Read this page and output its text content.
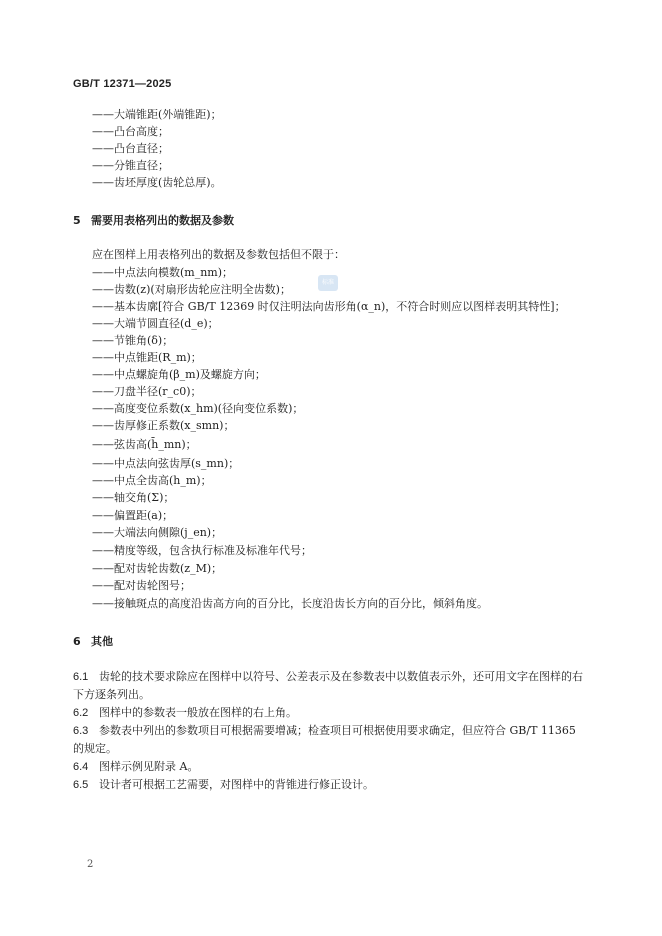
GB/T 12371—2025
——大端锥距(外端锥距)；
——凸台高度；
——凸台直径；
——分锥直径；
——齿坯厚度(齿轮总厚)。
5 需要用表格列出的数据及参数
应在图样上用表格列出的数据及参数包括但不限于：
标准
——中点法向模数(m_nm)；
——齿数(z)(对扇形齿轮应注明全齿数)；
——基本齿廓[符合 GB/T 12369 时仅注明法向齿形角(α_n)，不符合时则应以图样表明其特性]；
——大端节圆直径(d_e)；
——节锥角(δ)；
——中点锥距(R_m)；
——中点螺旋角(β_m)及螺旋方向；
——刀盘半径(r_c0)；
——高度变位系数(x_hm)(径向变位系数)；
——齿厚修正系数(x_smn)；
——弦齿高(h̄_mn)；
——中点法向弦齿厚(s_mn)；
——中点全齿高(h_m)；
——轴交角(Σ)；
——偏置距(a)；
——大端法向侧隙(j_en)；
——精度等级，包含执行标准及标准年代号；
——配对齿轮齿数(z_M)；
——配对齿轮图号；
——接触斑点的高度沿齿高方向的百分比，长度沿齿长方向的百分比，倾斜角度。
6 其他
6.1 齿轮的技术要求除应在图样中以符号、公差表示及在参数表中以数值表示外，还可用文字在图样的右下方逐条列出。
6.2 图样中的参数表一般放在图样的右上角。
6.3 参数表中列出的参数项目可根据需要增减；检查项目可根据使用要求确定，但应符合 GB/T 11365 的规定。
6.4 图样示例见附录 A。
6.5 设计者可根据工艺需要，对图样中的背锥进行修正设计。
2
